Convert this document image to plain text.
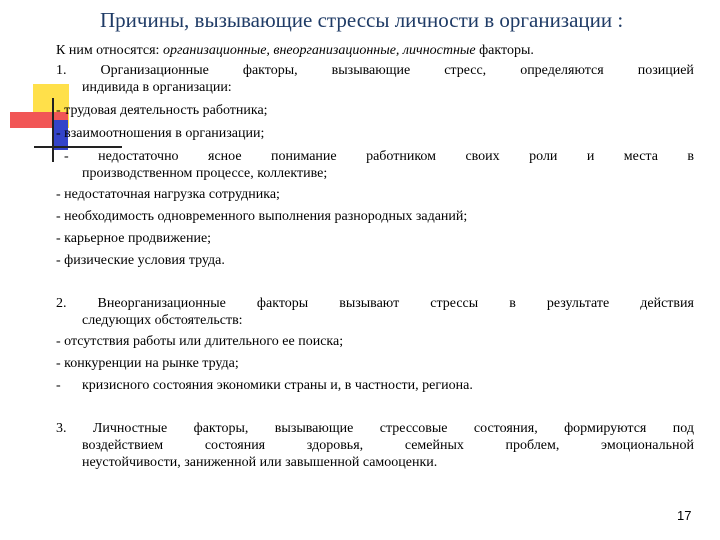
Причины, вызывающие стрессы личности в организации :
К ним относятся: организационные, внеорганизационные, личностные факторы.
1. Организационные факторы, вызывающие стресс, определяются позицией
индивида в организации:
- трудовая деятельность работника;
- взаимоотношения в организации;
- недостаточно ясное понимание работником своих роли и места в
производственном процессе, коллективе;
- недостаточная нагрузка сотрудника;
- необходимость одновременного выполнения разнородных заданий;
- карьерное продвижение;
- физические условия труда.
2. Внеорганизационные факторы вызывают стрессы в результате действия
следующих обстоятельств:
- отсутствия работы или длительного ее поиска;
- конкуренции на рынке труда;
- кризисного состояния экономики страны и, в частности, региона.
3. Личностные факторы, вызывающие стрессовые состояния, формируются под
воздействием	состояния	здоровья,	семейных	проблем,	эмоциональной
неустойчивости, заниженной или завышенной самооценки.
17
